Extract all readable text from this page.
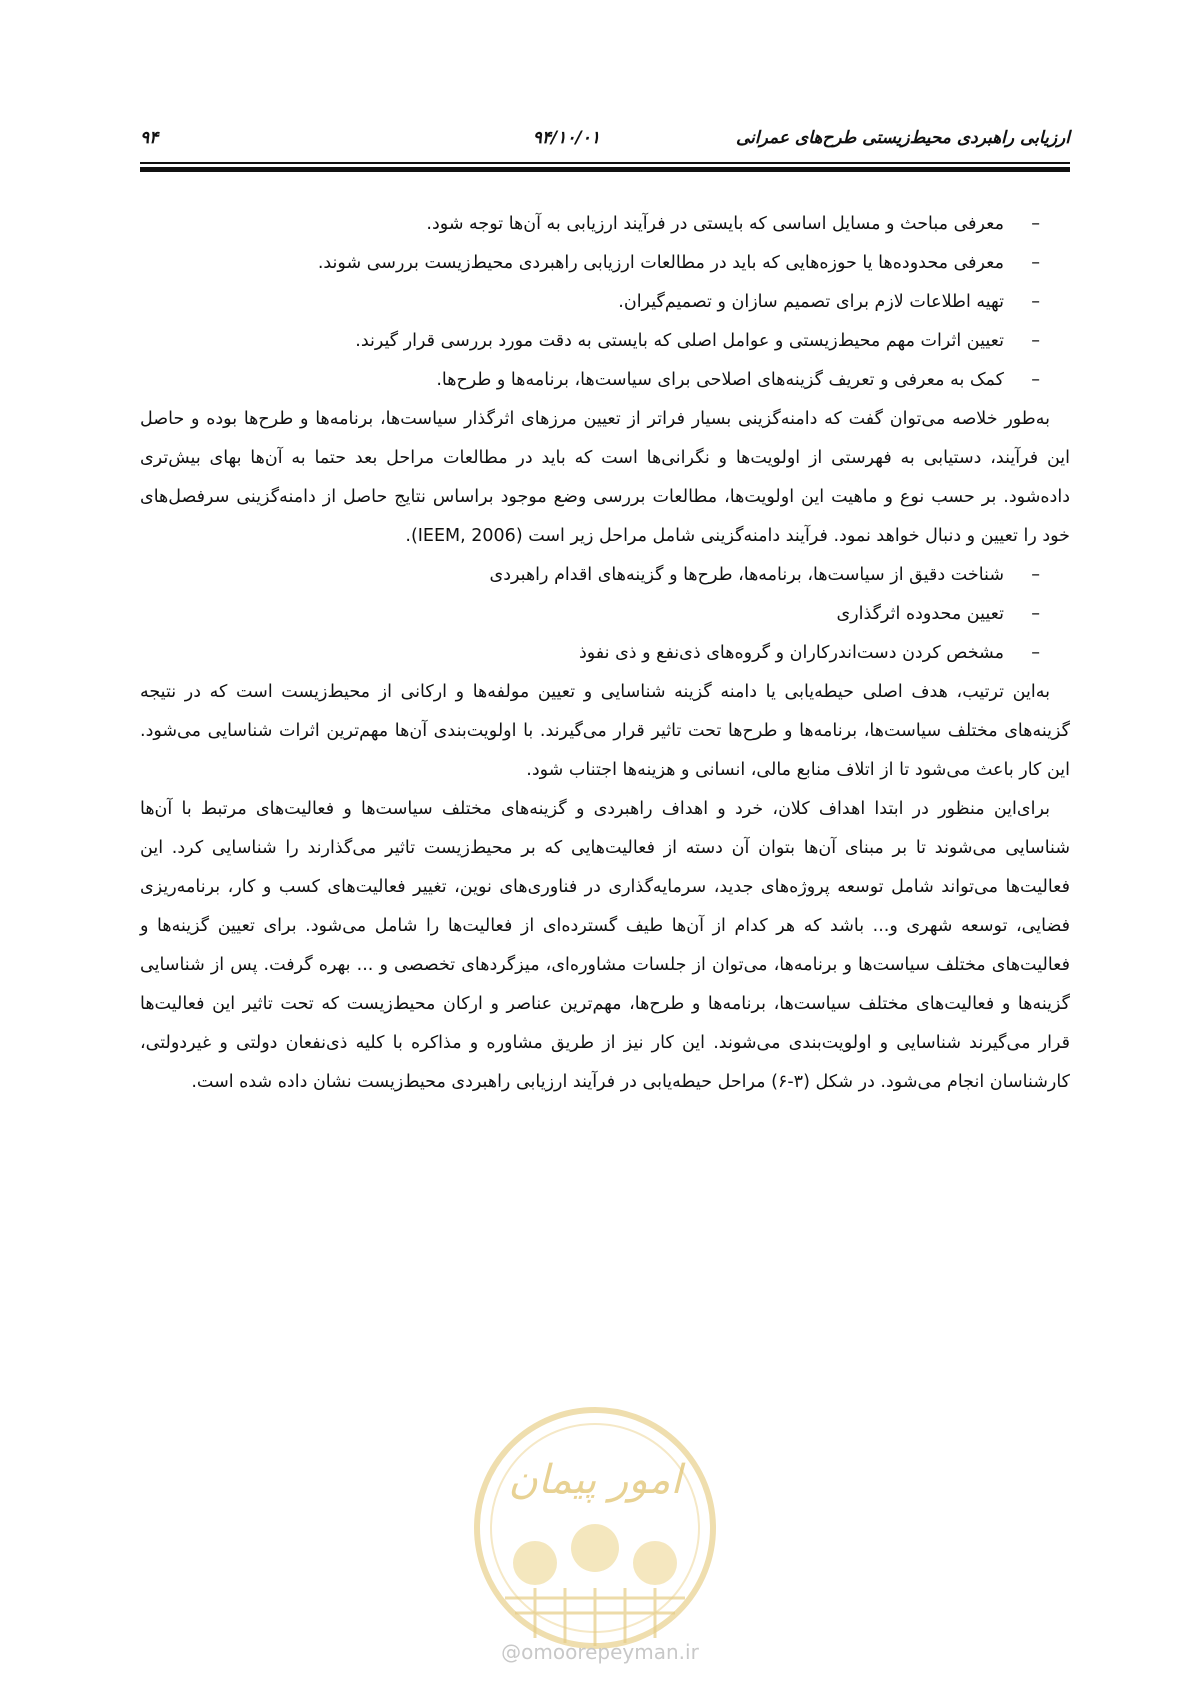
ارزیابی راهبردی محیط‌زیستی طرح‌های عمرانی
۹۴/۱۰/۰۱
۹۴
– معرفی مباحث و مسایل اساسی که بایستی در فرآیند ارزیابی به آن‌ها توجه شود.
– معرفی محدوده‌ها یا حوزه‌هایی که باید در مطالعات ارزیابی راهبردی محیط‌زیست بررسی شوند.
– تهیه اطلاعات لازم برای تصمیم سازان و تصمیم‌گیران.
– تعیین اثرات مهم محیط‌زیستی و عوامل اصلی که بایستی به دقت مورد بررسی قرار گیرند.
– کمک به معرفی و تعریف گزینه‌های اصلاحی برای سیاست‌ها، برنامه‌ها و طرح‌ها.

به‌طور خلاصه می‌توان گفت که دامنه‌گزینی بسیار فراتر از تعیین مرزهای اثرگذار سیاست‌ها، برنامه‌ها و طرح‌ها بوده و حاصل این فرآیند، دستیابی به فهرستی از اولویت‌ها و نگرانی‌ها است که باید در مطالعات مراحل بعد حتما به آن‌ها بهای بیش‌تری داده‌شود. بر حسب نوع و ماهیت این اولویت‌ها، مطالعات بررسی وضع موجود براساس نتایج حاصل از دامنه‌گزینی سرفصل‌های خود را تعیین و دنبال خواهد نمود. فرآیند دامنه‌گزینی شامل مراحل زیر است (IEEM, 2006).

– شناخت دقیق از سیاست‌ها، برنامه‌ها، طرح‌ها و گزینه‌های اقدام راهبردی
– تعیین محدوده اثرگذاری
– مشخص کردن دست‌اندرکاران و گروه‌های ذی‌نفع و ذی نفوذ

به‌این ترتیب، هدف اصلی حیطه‌یابی یا دامنه گزینه شناسایی و تعیین مولفه‌ها و ارکانی از محیط‌زیست است که در نتیجه گزینه‌های مختلف سیاست‌ها، برنامه‌ها و طرح‌ها تحت تاثیر قرار می‌گیرند. با اولویت‌بندی آن‌ها مهم‌ترین اثرات شناسایی می‌شود. این کار باعث می‌شود تا از اتلاف منابع مالی، انسانی و هزینه‌ها اجتناب شود.

برای‌این منظور در ابتدا اهداف کلان، خرد و اهداف راهبردی و گزینه‌های مختلف سیاست‌ها و فعالیت‌های مرتبط با آن‌ها شناسایی می‌شوند تا بر مبنای آن‌ها بتوان آن دسته از فعالیت‌هایی که بر محیط‌زیست تاثیر می‌گذارند را شناسایی کرد. این فعالیت‌ها می‌تواند شامل توسعه پروژه‌های جدید، سرمایه‌گذاری در فناوری‌های نوین، تغییر فعالیت‌های کسب و کار، برنامه‌ریزی فضایی، توسعه شهری و... باشد که هر کدام از آن‌ها طیف گسترده‌ای از فعالیت‌ها را شامل می‌شود. برای تعیین گزینه‌ها و فعالیت‌های مختلف سیاست‌ها و برنامه‌ها، می‌توان از جلسات مشاوره‌ای، میزگردهای تخصصی و ... بهره گرفت. پس از شناسایی گزینه‌ها و فعالیت‌های مختلف سیاست‌ها، برنامه‌ها و طرح‌ها، مهم‌ترین عناصر و ارکان محیط‌زیست که تحت تاثیر این فعالیت‌ها قرار می‌گیرند شناسایی و اولویت‌بندی می‌شوند. این کار نیز از طریق مشاوره و مذاکره با کلیه ذی‌نفعان دولتی و غیردولتی، کارشناسان انجام می‌شود. در شکل (۳-۶) مراحل حیطه‌یابی در فرآیند ارزیابی راهبردی محیط‌زیست نشان داده شده است.

امور پیمان
@omoorepeyman.ir
